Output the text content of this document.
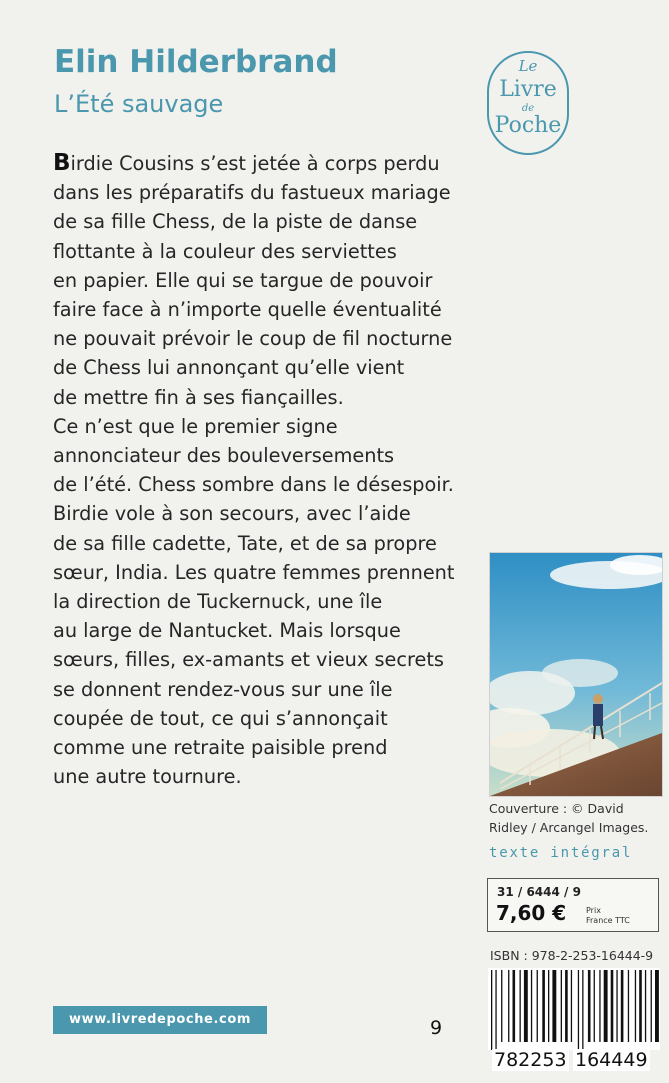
Elin Hilderbrand
L’Été sauvage
Le
Livre
de
Poche
Birdie Cousins s’est jetée à corps perdu
dans les préparatifs du fastueux mariage
de sa fille Chess, de la piste de danse
flottante à la couleur des serviettes
en papier. Elle qui se targue de pouvoir
faire face à n’importe quelle éventualité
ne pouvait prévoir le coup de fil nocturne
de Chess lui annonçant qu’elle vient
de mettre fin à ses fiançailles.
Ce n’est que le premier signe
annonciateur des bouleversements
de l’été. Chess sombre dans le désespoir.
Birdie vole à son secours, avec l’aide
de sa fille cadette, Tate, et de sa propre
sœur, India. Les quatre femmes prennent
la direction de Tuckernuck, une île
au large de Nantucket. Mais lorsque
sœurs, filles, ex-amants et vieux secrets
se donnent rendez-vous sur une île
coupée de tout, ce qui s’annonçait
comme une retraite paisible prend
une autre tournure.
Couverture : © David
Ridley / Arcangel Images.
texte intégral
31 / 6444 / 9
7,60 € Prix
France TTC
ISBN : 978-2-253-16444-9
9
782253 164449
www.livredepoche.com
